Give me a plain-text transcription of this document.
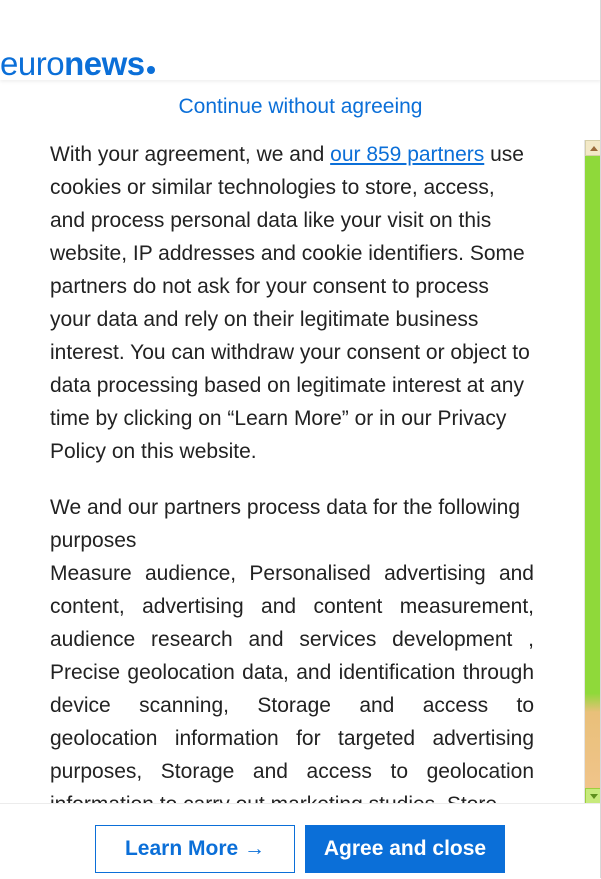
euronews
Continue without agreeing

With your agreement, we and our 859 partners use cookies or similar technologies to store, access, and process personal data like your visit on this website, IP addresses and cookie identifiers. Some partners do not ask for your consent to process your data and rely on their legitimate business interest. You can withdraw your consent or object to data processing based on legitimate interest at any time by clicking on “Learn More” or in our Privacy Policy on this website.

We and our partners process data for the following purposes

Measure audience, Personalised advertising and content, advertising and content measurement, audience research and services development , Precise geolocation data, and identification through device scanning, Storage and access to geolocation information for targeted advertising purposes, Storage and access to geolocation

Learn More →	Agree and close
